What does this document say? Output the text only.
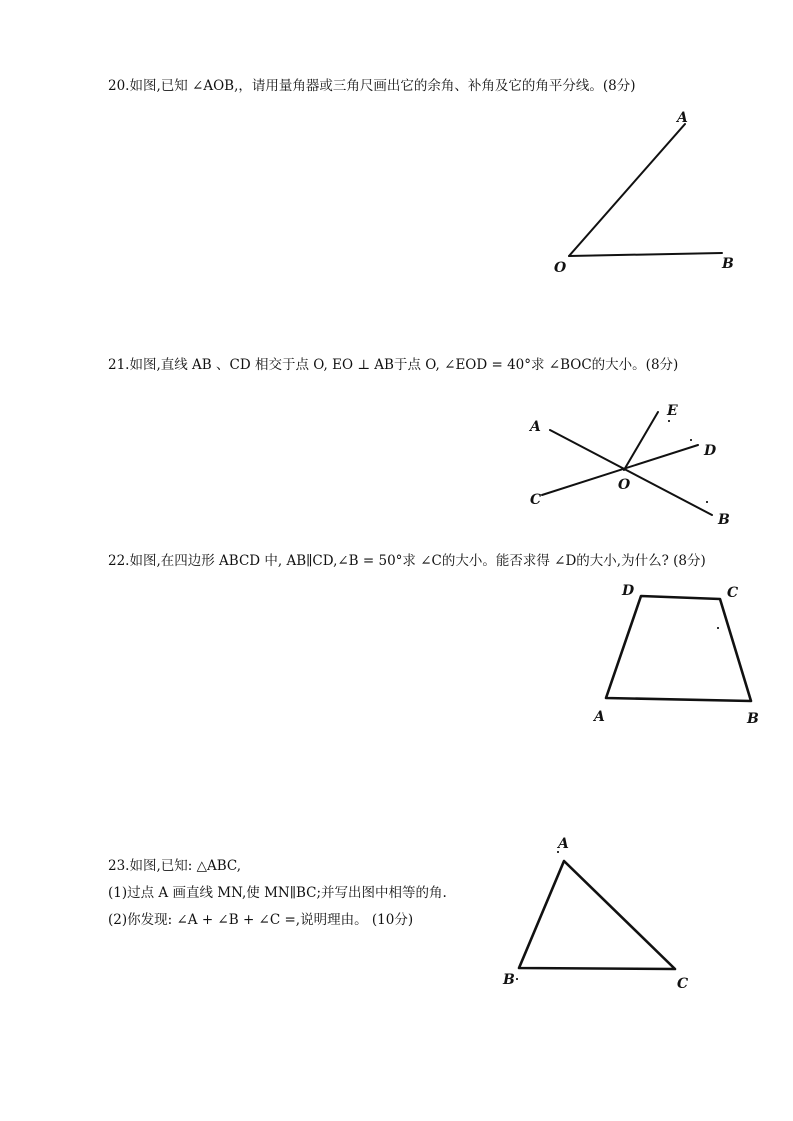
20.如图,已知 ∠AOB,，请用量角器或三角尺画出它的余角、补角及它的角平分线。(8分)
A
O	B
21.如图,直线 AB 、CD 相交于点 O, EO ⊥ AB于点 O, ∠EOD = 40°求 ∠BOC的大小。(8分)
A
E
D
C
O
B
22.如图,在四边形 ABCD 中, AB∥CD,∠B = 50°求 ∠C的大小。能否求得 ∠D的大小,为什么? (8分)
D	C
A	B
23.如图,已知: △ABC,
(1)过点 A 画直线 MN,使 MN∥BC;并写出图中相等的角.
(2)你发现: ∠A + ∠B + ∠C =,说明理由。 (10分)
A
B	C
